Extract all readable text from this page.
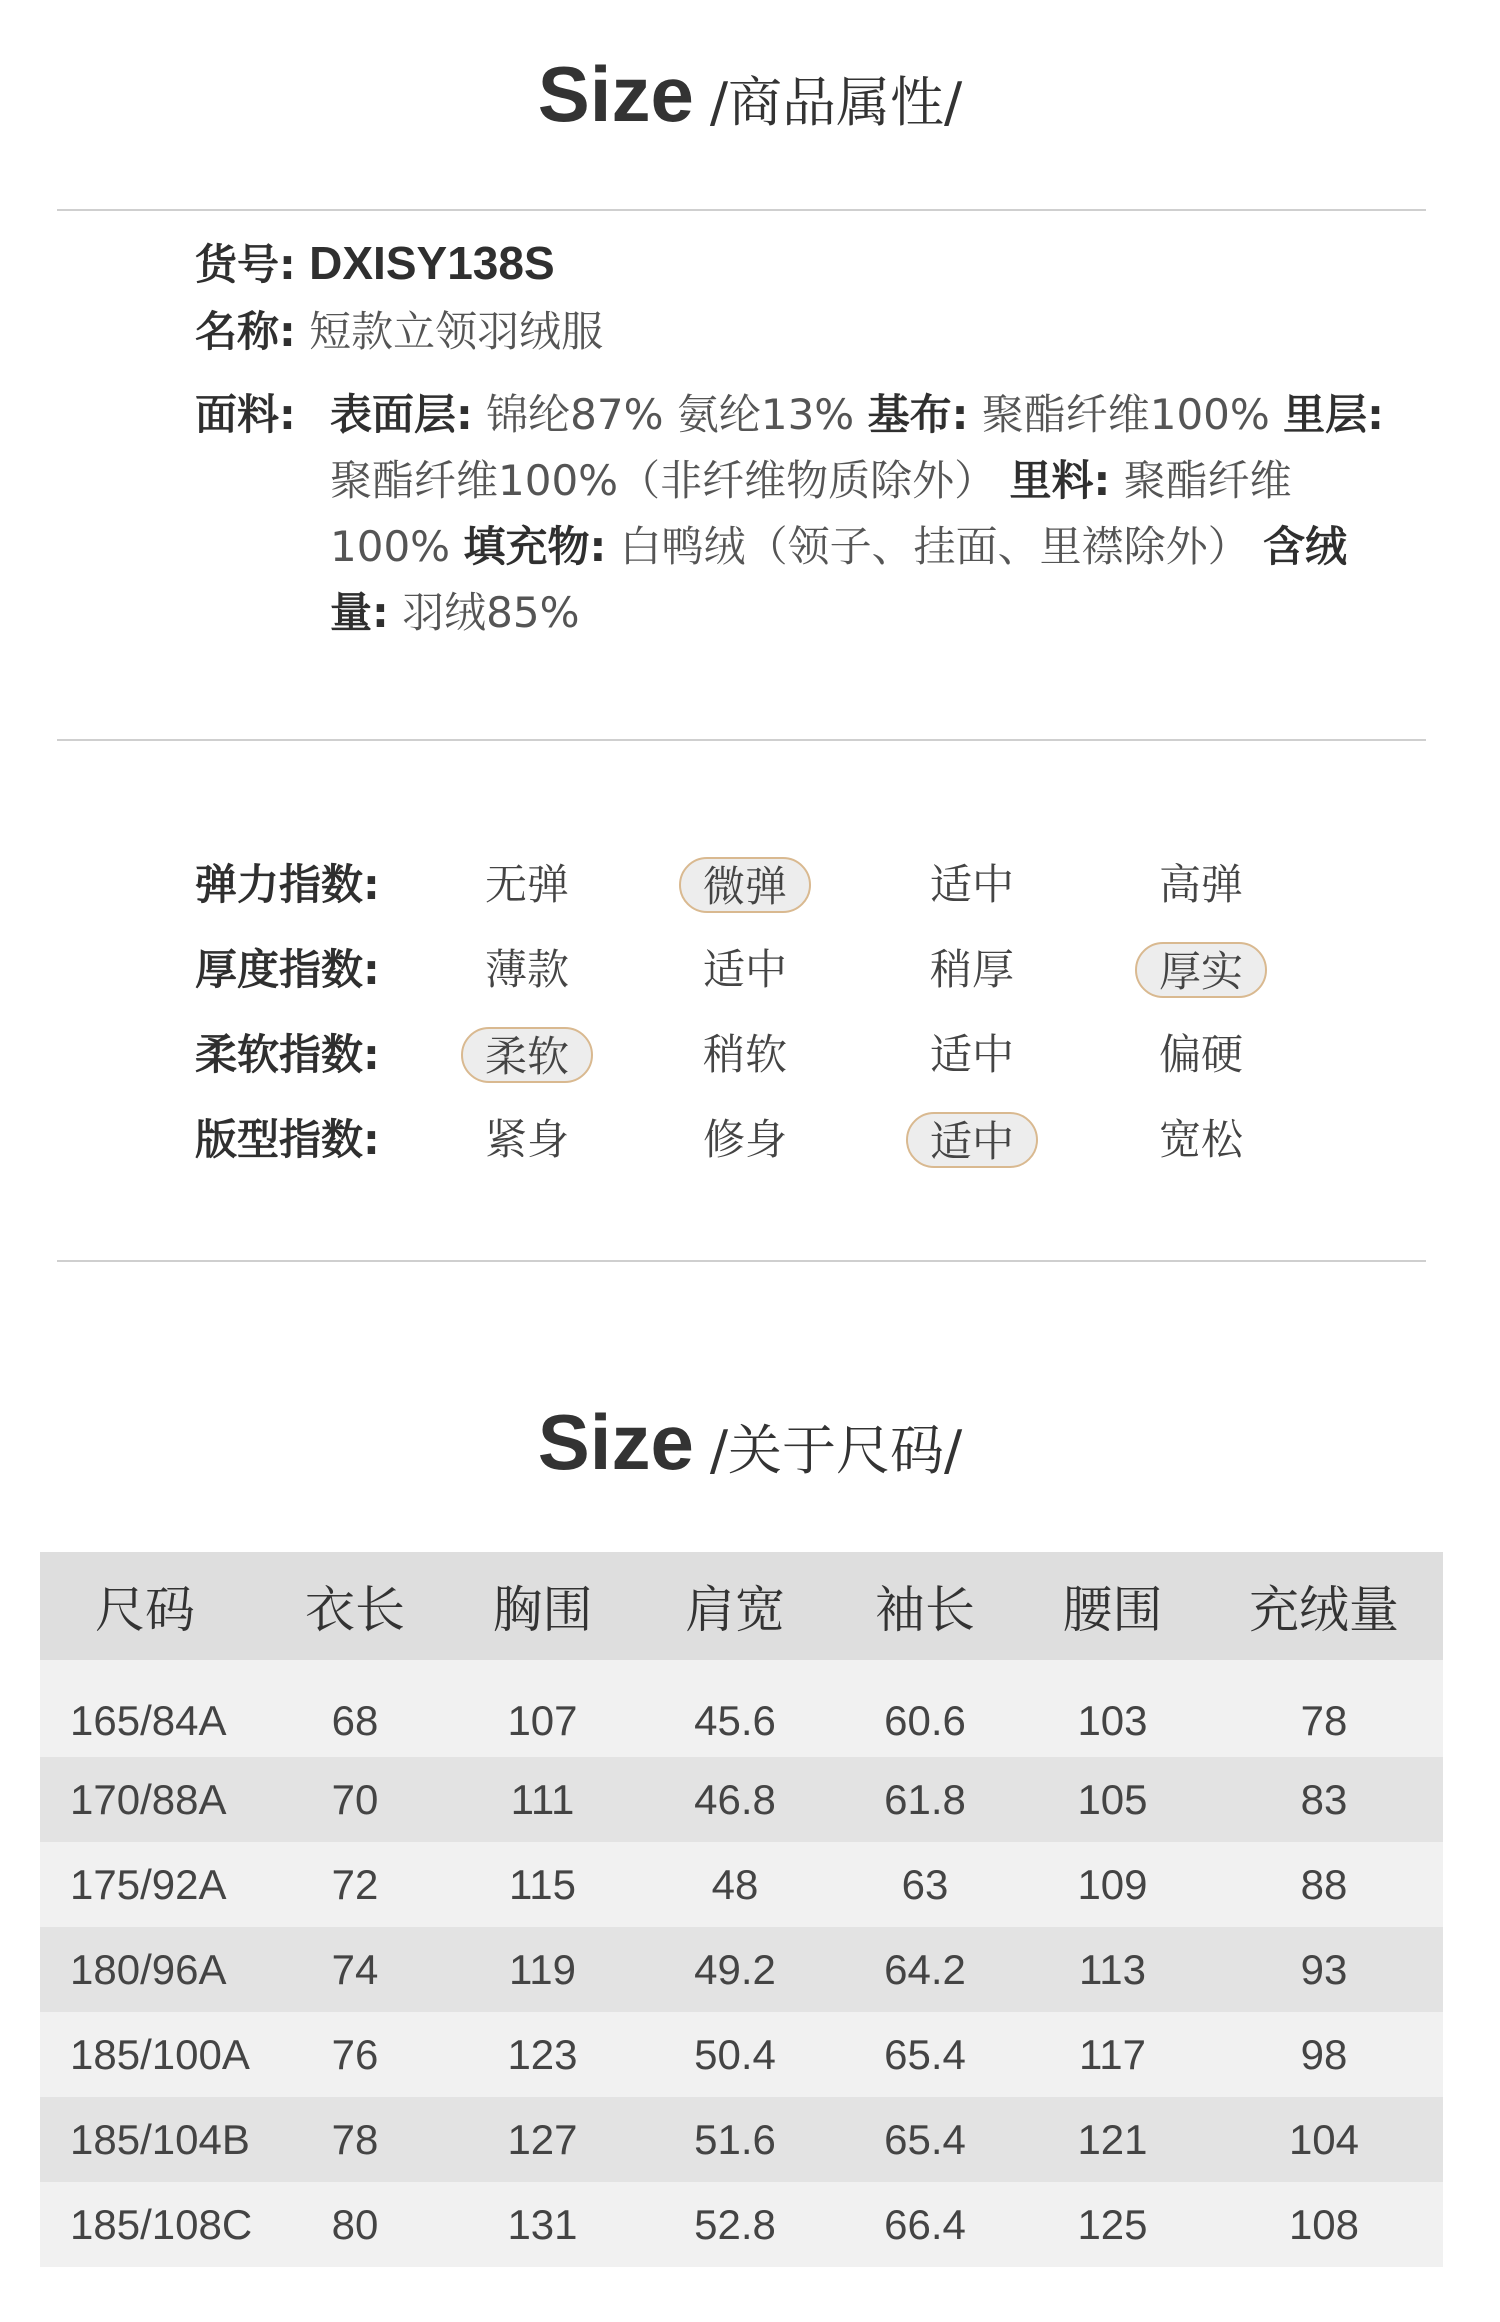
Size /商品属性/
货号: DXISY138S
名称: 短款立领羽绒服
面料: 表面层: 锦纶87% 氨纶13% 基布: 聚酯纤维100% 里层: 聚酯纤维100%（非纤维物质除外） 里料: 聚酯纤维100% 填充物: 白鸭绒（领子、挂面、里襟除外） 含绒量: 羽绒85%
弹力指数:	无弹	微弹	适中	高弹
厚度指数:	薄款	适中	稍厚	厚实
柔软指数:	柔软	稍软	适中	偏硬
版型指数:	紧身	修身	适中	宽松
Size /关于尺码/
尺码	衣长	胸围	肩宽	袖长	腰围	充绒量
165/84A	68	107	45.6	60.6	103	78
170/88A	70	111	46.8	61.8	105	83
175/92A	72	115	48	63	109	88
180/96A	74	119	49.2	64.2	113	93
185/100A	76	123	50.4	65.4	117	98
185/104B	78	127	51.6	65.4	121	104
185/108C	80	131	52.8	66.4	125	108
